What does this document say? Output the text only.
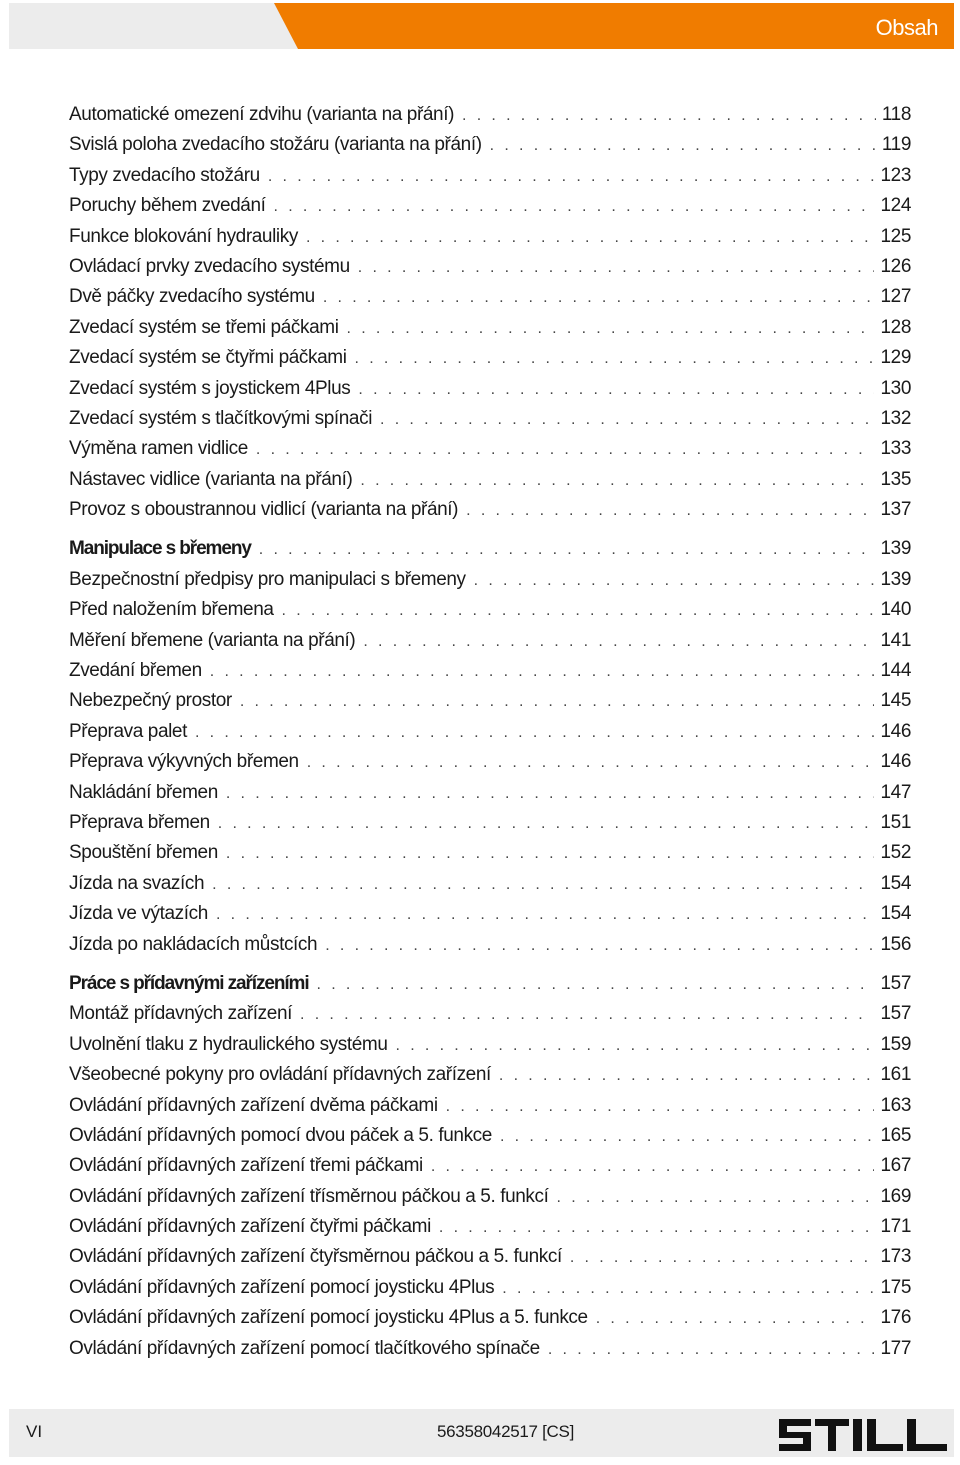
Obsah
Automatické omezení zdvihu (varianta na přání) . . .	118
Svislá poloha zvedacího stožáru (varianta na přání) . . .	119
Typy zvedacího stožáru . . .	123
Poruchy během zvedání . . .	124
Funkce blokování hydrauliky . . .	125
Ovládací prvky zvedacího systému . . .	126
Dvě páčky zvedacího systému . . .	127
Zvedací systém se třemi páčkami . . .	128
Zvedací systém se čtyřmi páčkami . . .	129
Zvedací systém s joystickem 4Plus . . .	130
Zvedací systém s tlačítkovými spínači . . .	132
Výměna ramen vidlice . . .	133
Nástavec vidlice (varianta na přání) . . .	135
Provoz s oboustrannou vidlicí (varianta na přání) . . .	137
Manipulace s břemeny . . .	139
Bezpečnostní předpisy pro manipulaci s břemeny . . .	139
Před naložením břemena . . .	140
Měření břemene (varianta na přání) . . .	141
Zvedání břemen . . .	144
Nebezpečný prostor . . .	145
Přeprava palet . . .	146
Přeprava výkyvných břemen . . .	146
Nakládání břemen . . .	147
Přeprava břemen . . .	151
Spouštění břemen . . .	152
Jízda na svazích . . .	154
Jízda ve výtazích . . .	154
Jízda po nakládacích můstcích . . .	156
Práce s přídavnými zařízeními . . .	157
Montáž přídavných zařízení . . .	157
Uvolnění tlaku z hydraulického systému . . .	159
Všeobecné pokyny pro ovládání přídavných zařízení . . .	161
Ovládání přídavných zařízení dvěma páčkami . . .	163
Ovládání přídavných pomocí dvou páček a 5. funkce . . .	165
Ovládání přídavných zařízení třemi páčkami . . .	167
Ovládání přídavných zařízení třísměrnou páčkou a 5. funkcí . . .	169
Ovládání přídavných zařízení čtyřmi páčkami . . .	171
Ovládání přídavných zařízení čtyřsměrnou páčkou a 5. funkcí . . .	173
Ovládání přídavných zařízení pomocí joysticku 4Plus . . .	175
Ovládání přídavných zařízení pomocí joysticku 4Plus a 5. funkce . . .	176
Ovládání přídavných zařízení pomocí tlačítkového spínače . . .	177
VI	56358042517 [CS]
